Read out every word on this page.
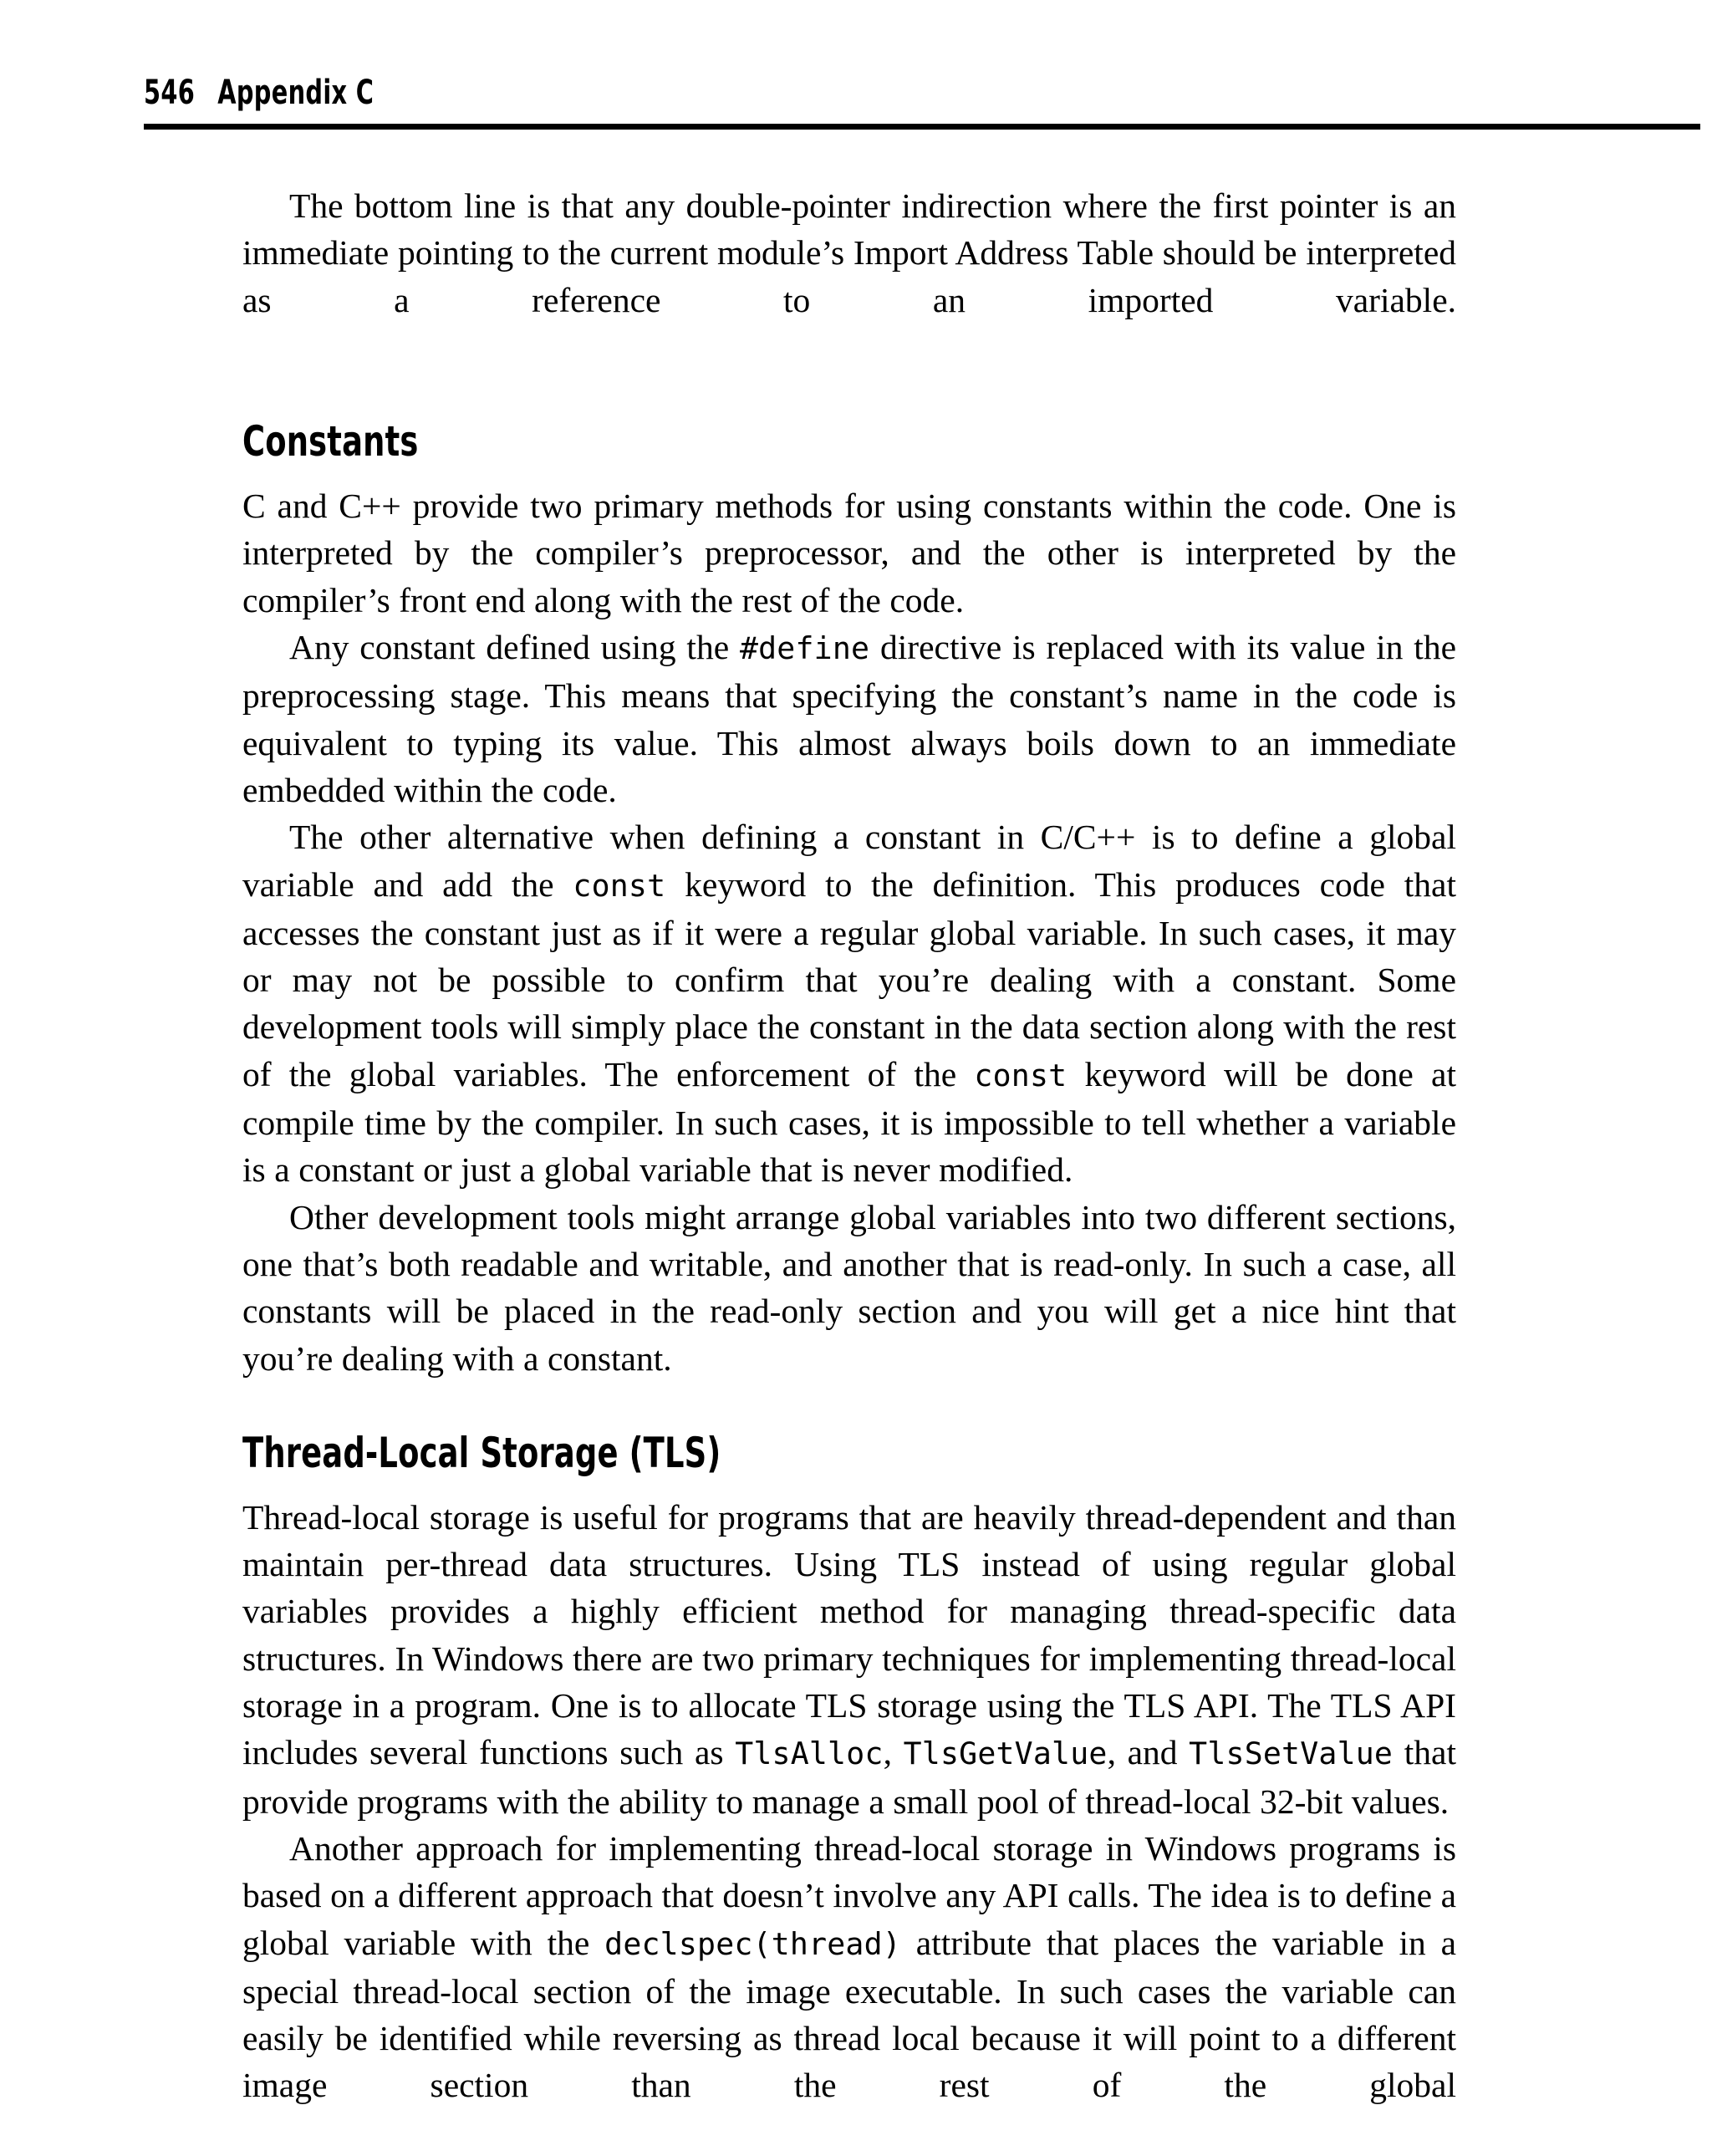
546 Appendix C

The bottom line is that any double-pointer indirection where the first pointer is an immediate pointing to the current module’s Import Address Table should be interpreted as a reference to an imported variable.

Constants

C and C++ provide two primary methods for using constants within the code. One is interpreted by the compiler’s preprocessor, and the other is interpreted by the compiler’s front end along with the rest of the code.

Any constant defined using the #define directive is replaced with its value in the preprocessing stage. This means that specifying the constant’s name in the code is equivalent to typing its value. This almost always boils down to an immediate embedded within the code.

The other alternative when defining a constant in C/C++ is to define a global variable and add the const keyword to the definition. This produces code that accesses the constant just as if it were a regular global variable. In such cases, it may or may not be possible to confirm that you’re dealing with a constant. Some development tools will simply place the constant in the data section along with the rest of the global variables. The enforcement of the const keyword will be done at compile time by the compiler. In such cases, it is impossible to tell whether a variable is a constant or just a global variable that is never modified.

Other development tools might arrange global variables into two different sections, one that’s both readable and writable, and another that is read-only. In such a case, all constants will be placed in the read-only section and you will get a nice hint that you’re dealing with a constant.

Thread-Local Storage (TLS)

Thread-local storage is useful for programs that are heavily thread-dependent and than maintain per-thread data structures. Using TLS instead of using regular global variables provides a highly efficient method for managing thread-specific data structures. In Windows there are two primary techniques for implementing thread-local storage in a program. One is to allocate TLS storage using the TLS API. The TLS API includes several functions such as TlsAlloc, TlsGetValue, and TlsSetValue that provide programs with the ability to manage a small pool of thread-local 32-bit values.

Another approach for implementing thread-local storage in Windows programs is based on a different approach that doesn’t involve any API calls. The idea is to define a global variable with the declspec(thread) attribute that places the variable in a special thread-local section of the image executable. In such cases the variable can easily be identified while reversing as thread local because it will point to a different image section than the rest of the global
